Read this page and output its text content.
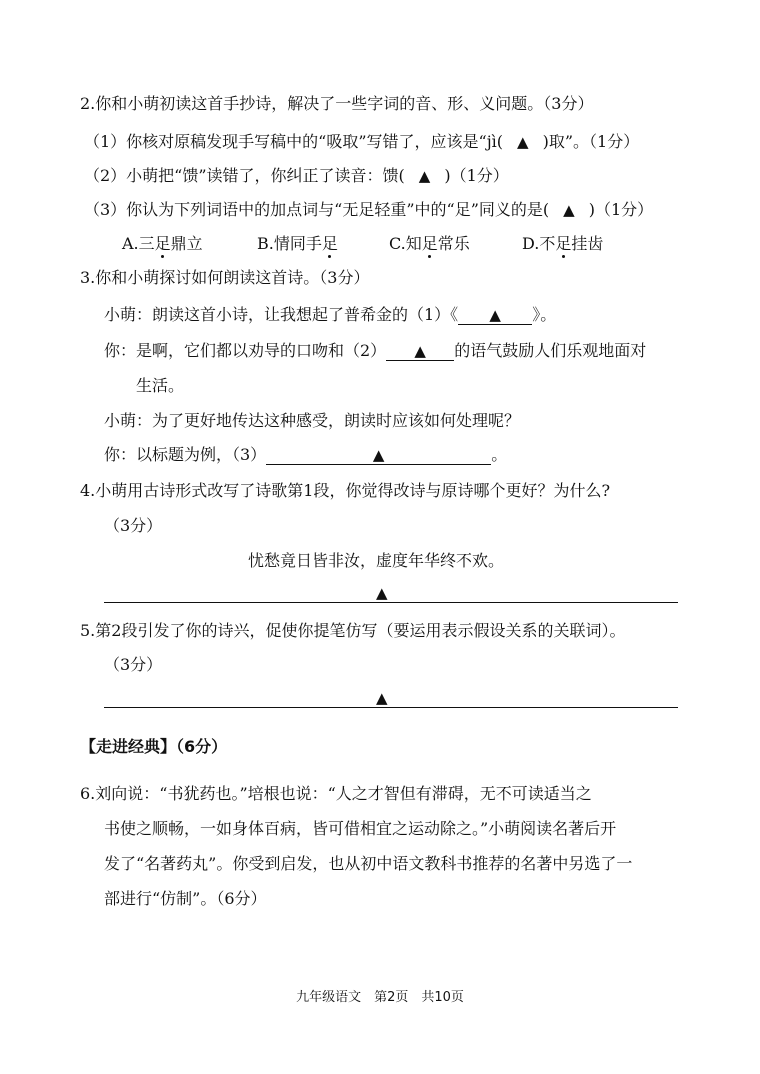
2.你和小萌初读这首手抄诗，解决了一些字词的音、形、义问题。（3分）
（1）你核对原稿发现手写稿中的“吸取”写错了，应该是“jì( ▲ )取”。（1分）
（2）小萌把“馈”读错了，你纠正了读音：馈( ▲ )（1分）
（3）你认为下列词语中的加点词与“无足轻重”中的“足”同义的是( ▲ )（1分）
A.三足鼎立	B.情同手足	C.知足常乐	D.不足挂齿
3.你和小萌探讨如何朗读这首诗。（3分）
小萌：朗读这首小诗，让我想起了普希金的（1）《 ▲ 》。
你：是啊，它们都以劝导的口吻和（2） ▲ 的语气鼓励人们乐观地面对
生活。
小萌：为了更好地传达这种感受，朗读时应该如何处理呢？
你：以标题为例，（3）	▲	。
4.小萌用古诗形式改写了诗歌第1段，你觉得改诗与原诗哪个更好？为什么?
（3分）
忧愁竟日皆非汝，虚度年华终不欢。
▲
5.第2段引发了你的诗兴，促使你提笔仿写（要运用表示假设关系的关联词）。
（3分）
▲
【走进经典】（6分）
6.刘向说：“书犹药也。”培根也说：“人之才智但有滞碍，无不可读适当之
书使之顺畅，一如身体百病，皆可借相宜之运动除之。”小萌阅读名著后开
发了“名著药丸”。你受到启发，也从初中语文教科书推荐的名著中另选了一
部进行“仿制”。（6分）
九年级语文　第2页　共10页
